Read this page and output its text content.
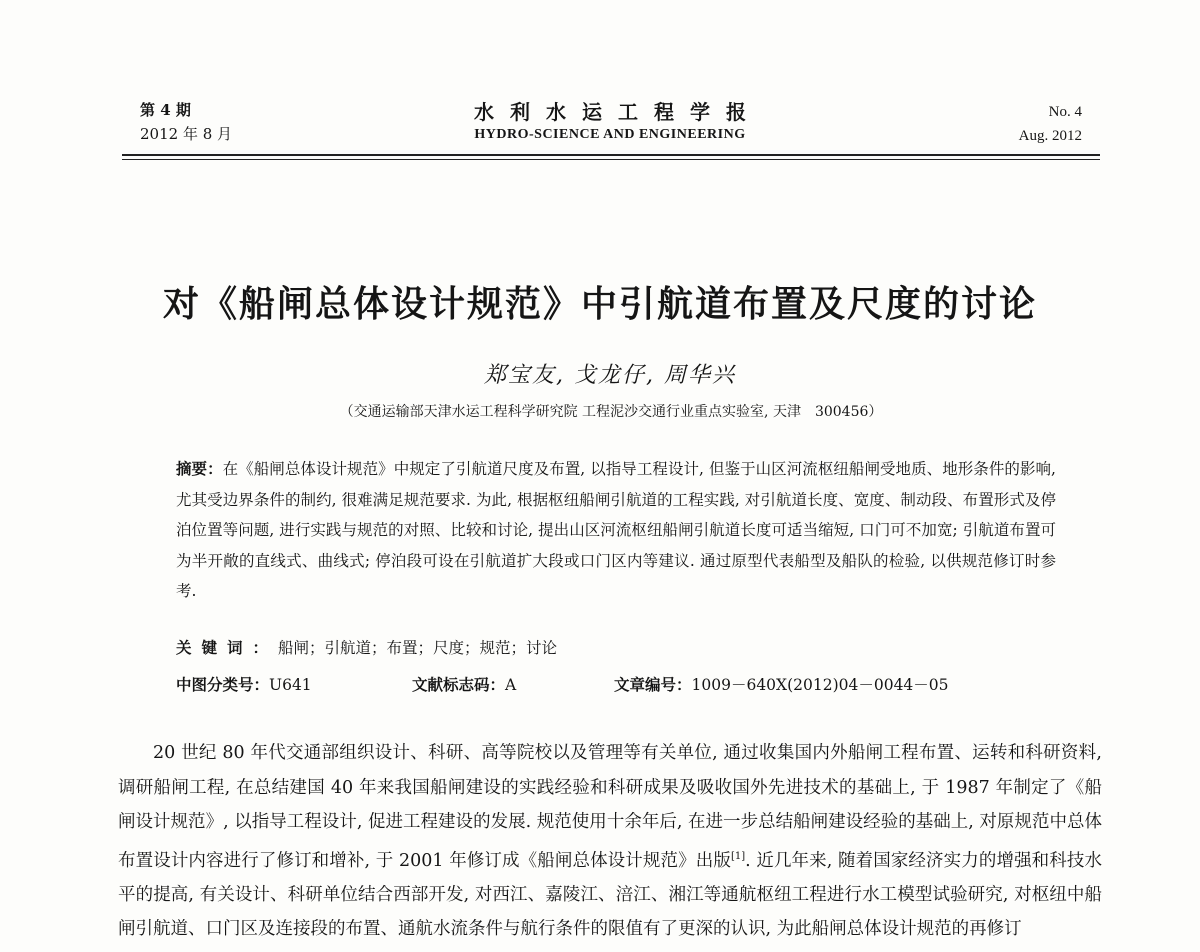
第 4 期
2012 年 8 月
水利水运工程学报
HYDRO-SCIENCE AND ENGINEERING
No. 4
Aug. 2012
对《船闸总体设计规范》中引航道布置及尺度的讨论
郑宝友, 戈龙仔, 周华兴
（交通运输部天津水运工程科学研究院 工程泥沙交通行业重点实验室, 天津　300456）
摘要：在《船闸总体设计规范》中规定了引航道尺度及布置, 以指导工程设计, 但鉴于山区河流枢纽船闸受地质、地形条件的影响, 尤其受边界条件的制约, 很难满足规范要求. 为此, 根据枢纽船闸引航道的工程实践, 对引航道长度、宽度、制动段、布置形式及停泊位置等问题, 进行实践与规范的对照、比较和讨论, 提出山区河流枢纽船闸引航道长度可适当缩短, 口门可不加宽; 引航道布置可为半开敞的直线式、曲线式; 停泊段可设在引航道扩大段或口门区内等建议. 通过原型代表船型及船队的检验, 以供规范修订时参考.
关键词：船闸；引航道；布置；尺度；规范；讨论
中图分类号：U641	文献标志码：A	文章编号：1009－640X(2012)04－0044－05

20 世纪 80 年代交通部组织设计、科研、高等院校以及管理等有关单位, 通过收集国内外船闸工程布置、运转和科研资料, 调研船闸工程, 在总结建国 40 年来我国船闸建设的实践经验和科研成果及吸收国外先进技术的基础上, 于 1987 年制定了《船闸设计规范》, 以指导工程设计, 促进工程建设的发展. 规范使用十余年后, 在进一步总结船闸建设经验的基础上, 对原规范中总体布置设计内容进行了修订和增补, 于 2001 年修订成《船闸总体设计规范》出版[1]. 近几年来, 随着国家经济实力的增强和科技水平的提高, 有关设计、科研单位结合西部开发, 对西江、嘉陵江、涪江、湘江等通航枢纽工程进行水工模型试验研究, 对枢纽中船闸引航道、口门区及连接段的布置、通航水流条件与航行条件的限值有了更深的认识, 为此船闸总体设计规范的再修订
